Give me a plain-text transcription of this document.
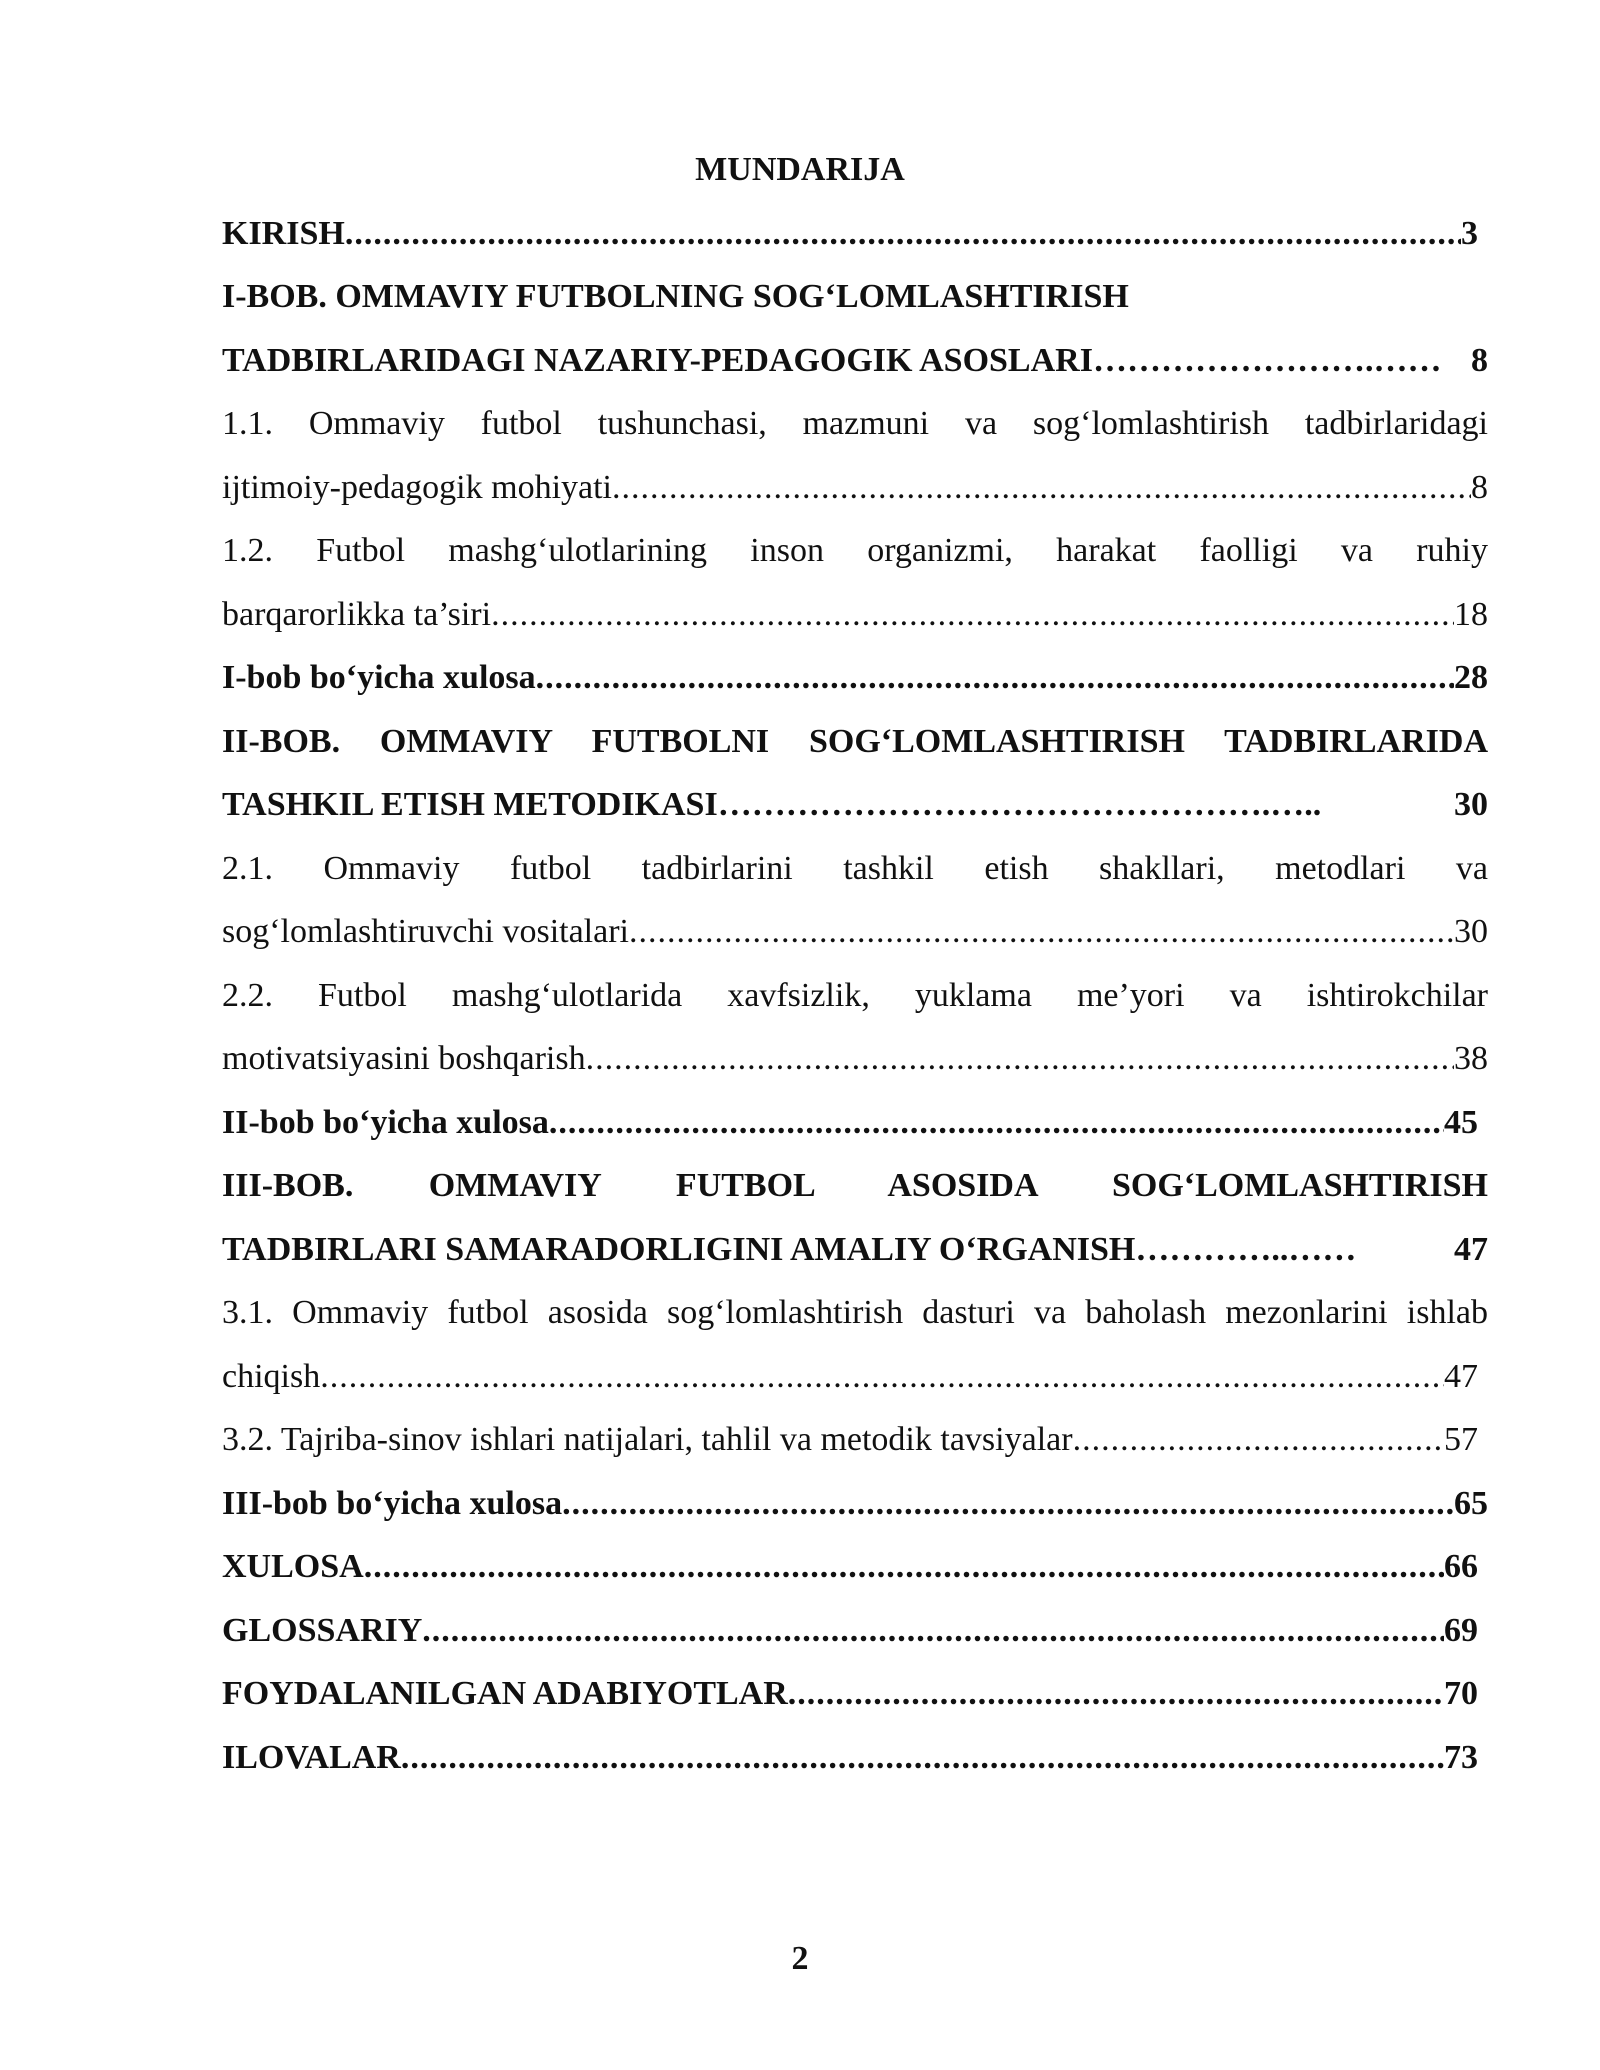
MUNDARIJA
KIRISH .....	3
I-BOB. OMMAVIY FUTBOLNING SOG‘LOMLASHTIRISH
TADBIRLARIDAGI NAZARIY-PEDAGOGIK ASOSLARI …………………….…… 8
1.1. Ommaviy futbol tushunchasi, mazmuni va sog‘lomlashtirish tadbirlaridagi
ijtimoiy-pedagogik mohiyati .....	8
1.2. Futbol mashg‘ulotlarining inson organizmi, harakat faolligi va ruhiy
barqarorlikka ta’siri .....	18
I-bob bo‘yicha xulosa .....	28
II-BOB. OMMAVIY FUTBOLNI SOG‘LOMLASHTIRISH TADBIRLARIDA
TASHKIL ETISH METODIKASI ………………………………………….…..	30
2.1. Ommaviy futbol tadbirlarini tashkil etish shakllari, metodlari va
sog‘lomlashtiruvchi vositalari .....	30
2.2. Futbol mashg‘ulotlarida xavfsizlik, yuklama me’yori va ishtirokchilar
motivatsiyasini boshqarish .....	38
II-bob bo‘yicha xulosa .....	45
III-BOB. OMMAVIY FUTBOL ASOSIDA SOG‘LOMLASHTIRISH
TADBIRLARI SAMARADORLIGINI AMALIY O‘RGANISH …………..……	47
3.1. Ommaviy futbol asosida sog‘lomlashtirish dasturi va baholash mezonlarini ishlab
chiqish .....	47
3.2. Tajriba-sinov ishlari natijalari, tahlil va metodik tavsiyalar .....	57
III-bob bo‘yicha xulosa .....	65
XULOSA .....	66
GLOSSARIY .....	69
FOYDALANILGAN ADABIYOTLAR .....	70
ILOVALAR .....	73
2
